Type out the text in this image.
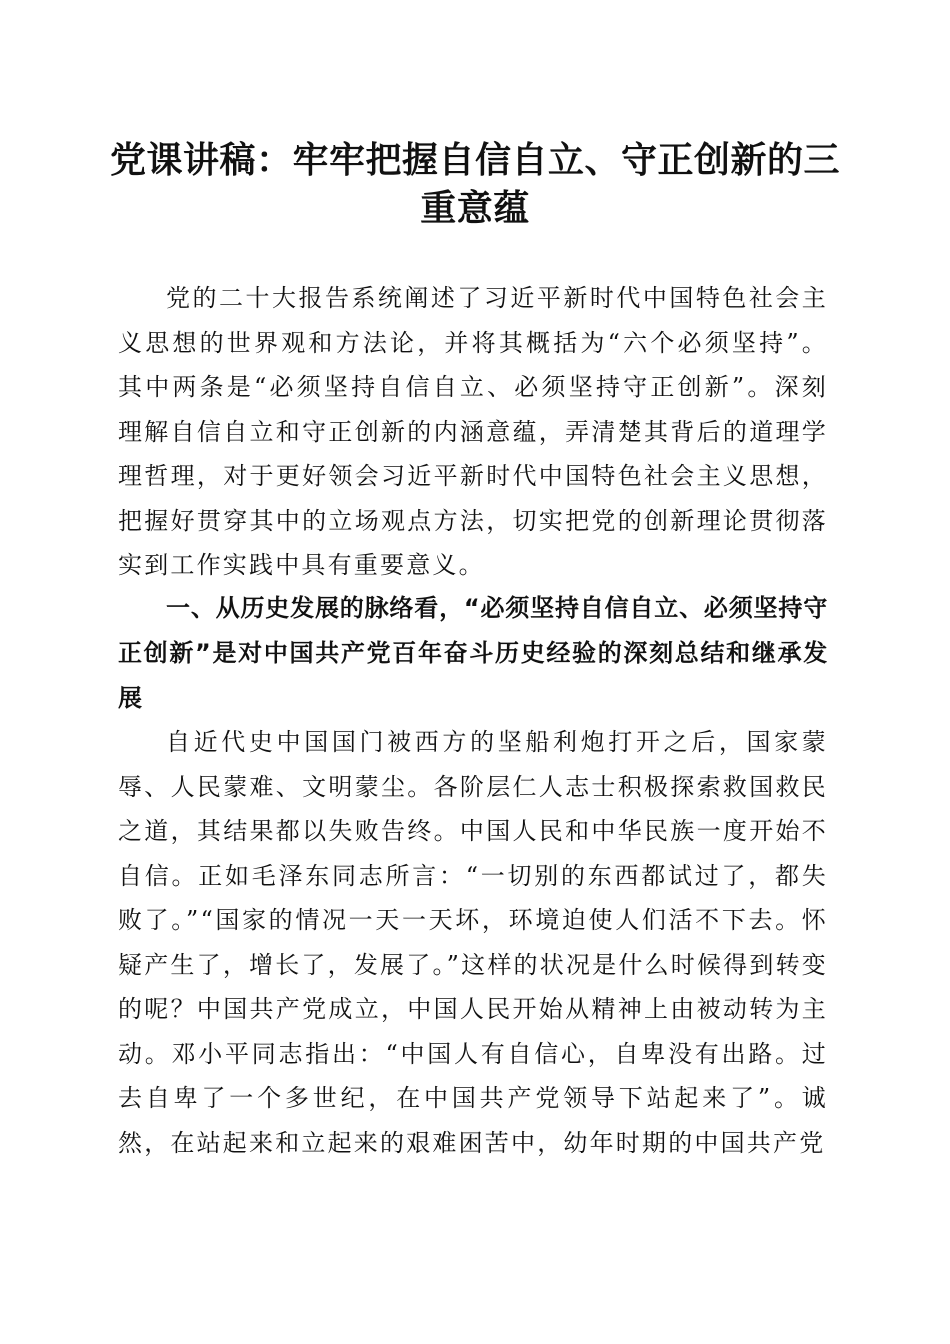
党课讲稿：牢牢把握自信自立、守正创新的三重意蕴

党的二十大报告系统阐述了习近平新时代中国特色社会主义思想的世界观和方法论，并将其概括为“六个必须坚持”。其中两条是“必须坚持自信自立、必须坚持守正创新”。深刻理解自信自立和守正创新的内涵意蕴，弄清楚其背后的道理学理哲理，对于更好领会习近平新时代中国特色社会主义思想，把握好贯穿其中的立场观点方法，切实把党的创新理论贯彻落实到工作实践中具有重要意义。

一、从历史发展的脉络看，“必须坚持自信自立、必须坚持守正创新”是对中国共产党百年奋斗历史经验的深刻总结和继承发展

自近代史中国国门被西方的坚船利炮打开之后，国家蒙辱、人民蒙难、文明蒙尘。各阶层仁人志士积极探索救国救民之道，其结果都以失败告终。中国人民和中华民族一度开始不自信。正如毛泽东同志所言：“一切别的东西都试过了，都失败了。”“国家的情况一天一天坏，环境迫使人们活不下去。怀疑产生了，增长了，发展了。”这样的状况是什么时候得到转变的呢？中国共产党成立，中国人民开始从精神上由被动转为主动。邓小平同志指出：“中国人有自信心，自卑没有出路。过去自卑了一个多世纪，在中国共产党领导下站起来了”。诚然，在站起来和立起来的艰难困苦中，幼年时期的中国共产党
